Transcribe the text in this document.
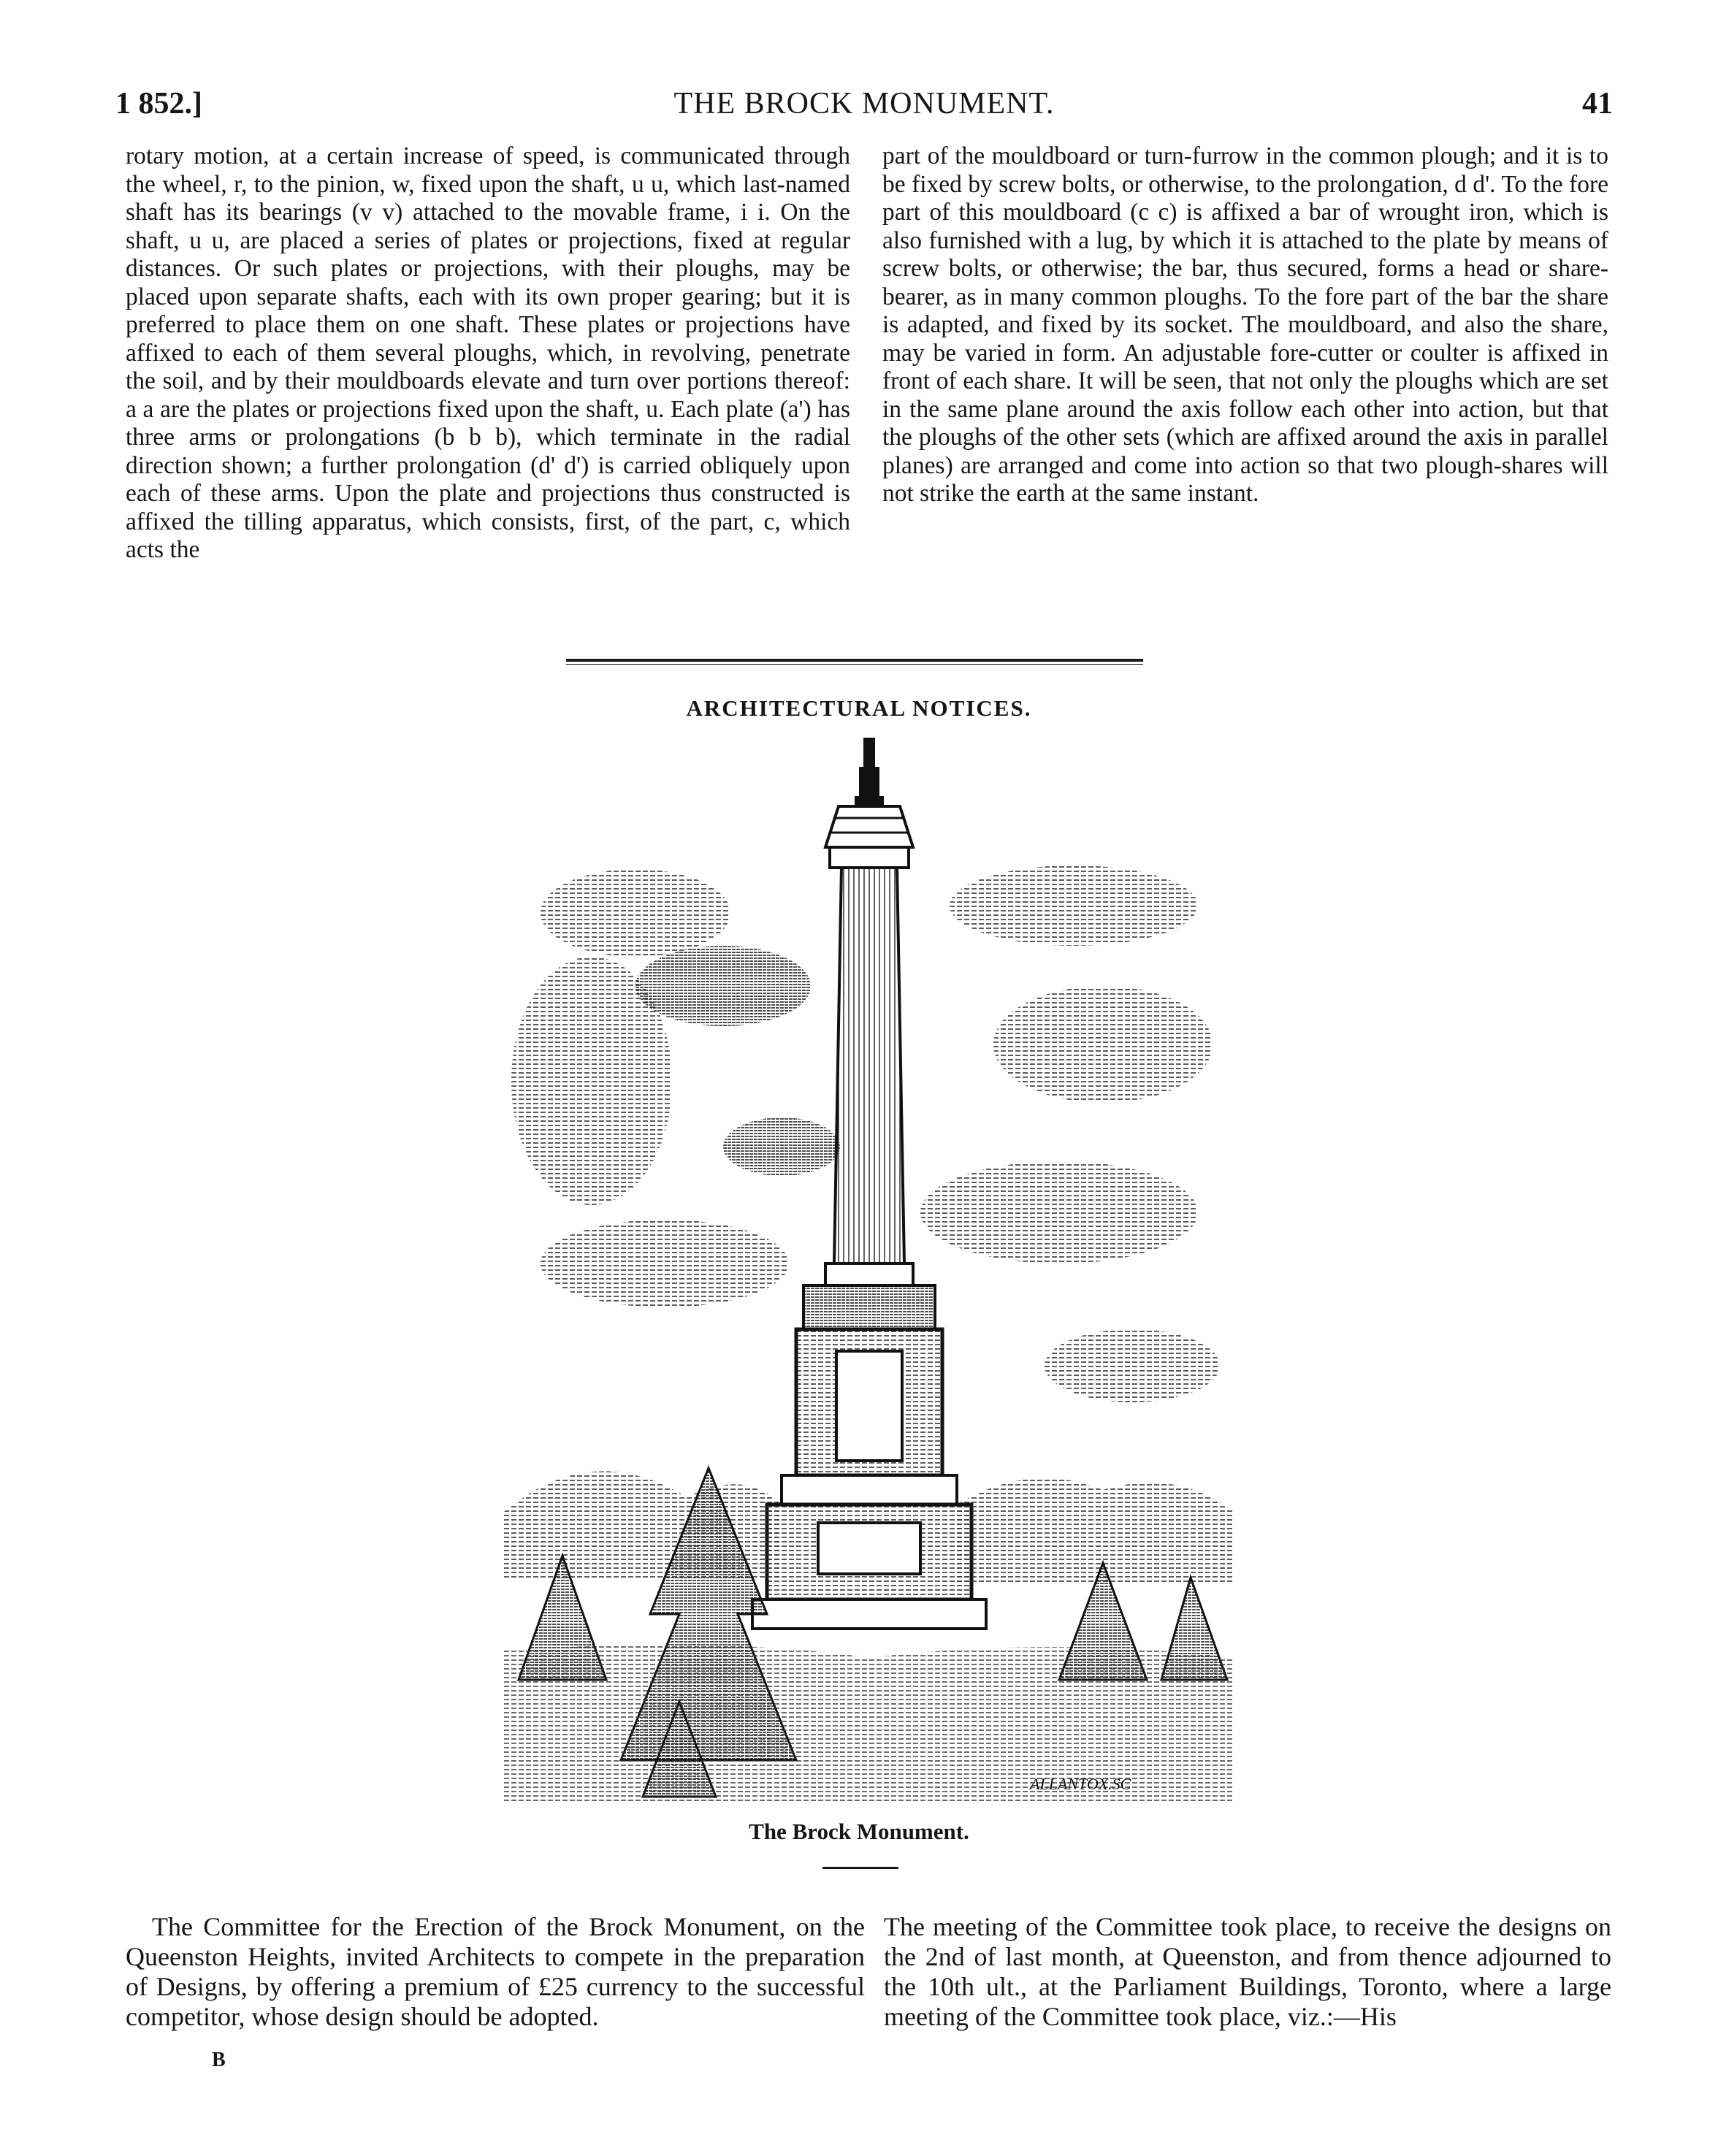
1 852.]	THE BROCK MONUMENT.	41

rotary motion, at a certain increase of speed, is communicated through the wheel, r, to the pinion, w, fixed upon the shaft, u u, which last-named shaft has its bearings (v v) attached to the movable frame, i i. On the shaft, u u, are placed a series of plates or projections, fixed at regular distances. Or such plates or projections, with their ploughs, may be placed upon separate shafts, each with its own proper gearing; but it is preferred to place them on one shaft. These plates or projections have affixed to each of them several ploughs, which, in revolving, penetrate the soil, and by their mouldboards elevate and turn over portions thereof: a a are the plates or projections fixed upon the shaft, u. Each plate (a') has three arms or prolongations (b b b), which terminate in the radial direction shown; a further prolongation (d' d') is carried obliquely upon each of these arms. Upon the plate and projections thus constructed is affixed the tilling apparatus, which consists, first, of the part, c, which acts the

part of the mouldboard or turn-furrow in the common plough; and it is to be fixed by screw bolts, or otherwise, to the prolongation, d d'. To the fore part of this mouldboard (c c) is affixed a bar of wrought iron, which is also furnished with a lug, by which it is attached to the plate by means of screw bolts, or otherwise; the bar, thus secured, forms a head or share-bearer, as in many common ploughs. To the fore part of the bar the share is adapted, and fixed by its socket. The mouldboard, and also the share, may be varied in form. An adjustable fore-cutter or coulter is affixed in front of each share. It will be seen, that not only the ploughs which are set in the same plane around the axis follow each other into action, but that the ploughs of the other sets (which are affixed around the axis in parallel planes) are arranged and come into action so that two plough-shares will not strike the earth at the same instant.

ARCHITECTURAL NOTICES.
ALLANTOX.SC
The Brock Monument.

The Committee for the Erection of the Brock Monument, on the Queenston Heights, invited Architects to compete in the preparation of Designs, by offering a premium of £25 currency to the successful competitor, whose design should be adopted.

The meeting of the Committee took place, to receive the designs on the 2nd of last month, at Queenston, and from thence adjourned to the 10th ult., at the Parliament Buildings, Toronto, where a large meeting of the Committee took place, viz.:—His

B
